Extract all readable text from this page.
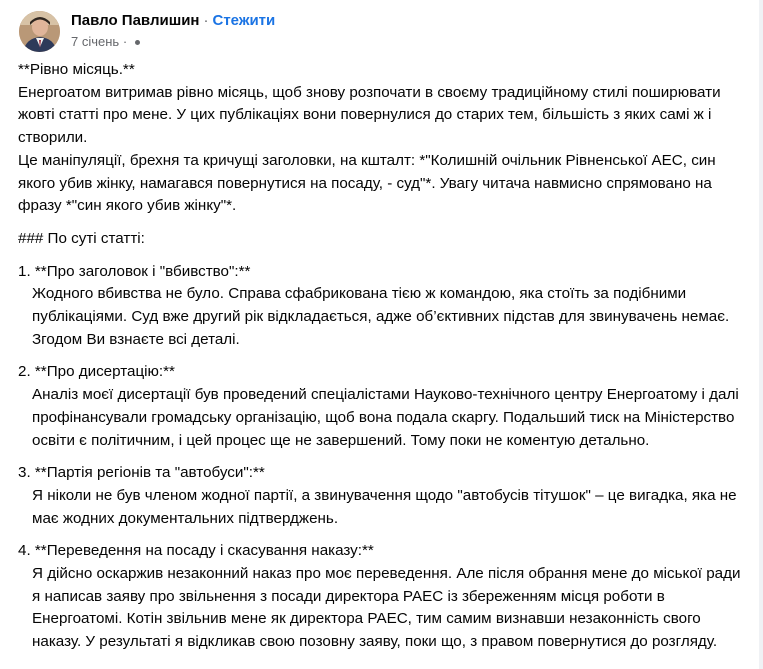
Павло Павлишин · Стежити
7 січень ·

**Рівно місяць.**

Енергоатом витримав рівно місяць, щоб знову розпочати в своєму традиційному стилі поширювати жовті статті про мене. У цих публікаціях вони повернулися до старих тем, більшість з яких самі ж і створили.

Це маніпуляції, брехня та кричущі заголовки, на кшталт: *"Колишній очільник Рівненської АЕС, син якого убив жінку, намагався повернутися на посаду, - суд"*. Увагу читача навмисно спрямовано на фразу *"син якого убив жінку"*.

### По суті статті:

1. **Про заголовок і "вбивство":**

Жодного вбивства не було. Справа сфабрикована тією ж командою, яка стоїть за подібними публікаціями. Суд вже другий рік відкладається, адже об’єктивних підстав для звинувачень немає. Згодом Ви взнаєте всі деталі.

2. **Про дисертацію:**

Аналіз моєї дисертації був проведений спеціалістами Науково-технічного центру Енергоатому і далі профінансували громадську організацію, щоб вона подала скаргу. Подальший тиск на Міністерство освіти є політичним, і цей процес ще не завершений. Тому поки не коментую детально.

3. **Партія регіонів та "автобуси":**

Я ніколи не був членом жодної партії, а звинувачення щодо "автобусів тітушок" – це вигадка, яка не має жодних документальних підтверджень.

4. **Переведення на посаду і скасування наказу:**

Я дійсно оскаржив незаконний наказ про моє переведення. Але після обрання мене до міської ради я написав заяву про звільнення з посади директора РАЕС із збереженням місця роботи в Енергоатомі. Котін звільнив мене як директора РАЕС, тим самим визнавши незаконність свого наказу. У результаті я відкликав свою позовну заяву, поки що, з правом повернутися до розгляду.
